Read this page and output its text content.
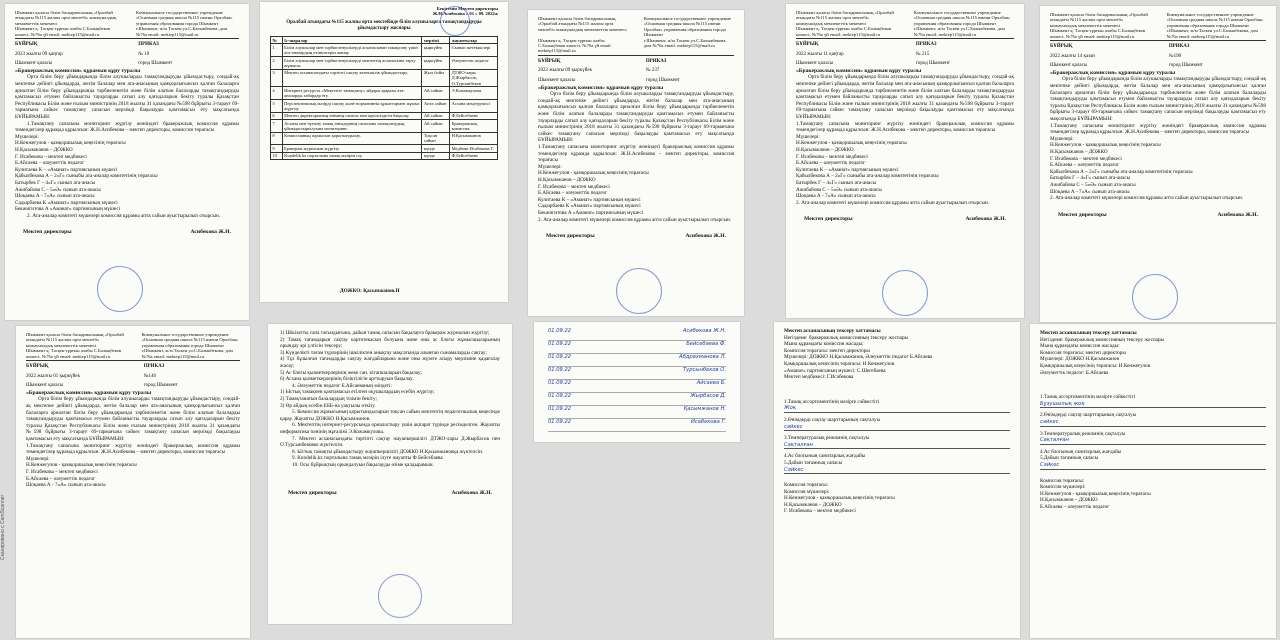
Шымкент қаласы білім басқармасының «Оралбай атындағы №115 жалпы орта мектебі» коммуналдық мемлекеттік мекемесі
Коммунальное государственное учреждение «Основная средняя школа №115 имени Оралбая» управления образования города Шымкент
Шымкент қ. Тасқен тұрғын алабы С.Балықбеков көшесі, №76а үй email: mektep115@mail.ru
г.Шымкент, ж/м Таскен ул.С.Балыкбекова, дом №76а email: mektep115@mail.ru
БҰЙРЫҚ	ПРИКАЗ
2023 жылғы 09 қаңтар	№ 10
Шымкент қаласы	город Шымкент

«Бракеражлық комиссия» құрамын құру туралы

Орта білім беру ұйымдарында білім алушыларды тамақтандыруды ұйымдастыру, сондай-ақ мектепке дейінгі ұйымдарда, жетім балалар мен ата-анасының қамқорлығынсыз қалған балаларға арналған білім беру ұйымдарында тәрбиеленетін және білім алатын балаларды тамақтандыруды қамтамасыз етумен байланысты тауарларды сатып алу қағидаларын бекіту туралы Қазақстан Республикасы Білім және ғылым министрінің 2018 жылғы 31 қазандағы №598 бұйрығы 3-тарауғ 69-тармағына сәйкес тамақтану сапасын мерзімді бақылауды қамтамасыз ету мақсатында БҰЙЫРАМЫН:

1.Тамақтану сапасына мониторинг жүргізу жөніндегі бракеражлық комиссия құрамы төмендегілер құрамда құрылсын: Ж.Н.Асибекова – мектеп директоры, комиссия төрағасы

Мүшелері:

Н.Кенжеғулов - қамқоршылық кеңесінің төрағасы

Н.Қасымжанов – ДОЖКО

Г. Исабекова – мектеп медбикесі

Б.Айсаева – әлеуметтік педагог

Кулитаева К – «Аманат» партиясының мүшесі

Қабылбекова А – 2«Г» сыныбы ата-аналар комитетінің төрағасы

Батырбек Г – 4«Г» сынып ата-анасы

Ажибайова С – 5«Ә» сынып ата-анасы

Шоқаева А - 7«А» сынып ата-анасы

Садырбаева К «Аманат» партиясының мүшесі

Бекжигитова А «Аманат» партиясының мүшесі

2. Ата-аналар комитеті мүшелері комиссия құрамы апта сайын ауыстырылып отырсын.

Мектеп директоры	Асибекова Ж.Н.

Бекітемін Мектеп директоры Ж.Н.Асибекова « 01 » 09. 2022ж

Оралбай атындағы №115 жалпы орта мектебінде білім алушыларға тамақтандыруды ұйымдастыру жоспары

№	Іс-шаралар	мерзімі	жауаптылар
1	Білім алушылар мен тәрбиеленушілерді асханасынан тамақтану үшін ата-аналардың өтініштерін жинау.	қыркүйек	Сынып жетекшілері
2	Білім алушылар мен тәрбиеленушілерді мектептің асханасына тарту жұмысы.	қыркүйек	Әлеуметтік педагог
3	Мектеп асханасындағы тәртіпті сақтау кезекшілік ұйымдастыру.	Жыл бойы	ДТЖО-лары Д.Жырбасов, О.Турсынбеков
4	Интернет ресурста «Мектепте тамақтану» айдары арқылы ата-аналарды хабардар ету.	Ай сайын	Э.Кожамкулова
5	Перспективалық мәзірді сақтау және нормативтік құжаттармен жұмыс жүргізу.	Апта сайын	Асхана меңгерушісі
6	Мектеп директорының өнімнің сапасы мен қауіпсіздігін бақылау.	Ай сайын	Ф.Бейсебаева
7	Асхана мен тұтыну тамақ өнімдерінің сапасына тамақтанудың ұйымдастырылуына мониторинг.	Ай сайын	Бракеражлық комиссия
8	Комиссияның жұмысын қорытындылау.	Тоқсан сайын	Н.Қасымжанов
9	Бракераж журналын жүргізу.	күнде	Медбике Исабекова Г.
10	Kundelik.kz порталына тамақ мәзірін ілу.	күнде	Ф.Бейсебаева

ДОЖКО: Қасымжанов.Н

Шымкент қаласы білім басқармасының «Оралбай атындағы №115 жалпы орта мектебі» коммуналдық мемлекеттік мекемесі
Коммунальное государственное учреждение «Основная средняя школа №115 имени Оралбая» управления образования города Шымкент
Шымкент қ. Тасқен тұрғын алабы С.Балықбеков көшесі, №76а үй email: mektep115@mail.ru
г.Шымкент, ж/м Таскен ул.С.Балыкбекова, дом №76а email: mektep115@mail.ru
БҰЙРЫҚ	ПРИКАЗ
2022 жылғы 09 қыркүйек	№ 237
Шымкент қаласы	город Шымкент

«Бракеражлық комиссия» құрамын құру туралы

Орта білім беру ұйымдарында білім алушыларды тамақтандыруды ұйымдастыру, сондай-ақ мектепке дейінгі ұйымдарда, жетім балалар мен ата-анасының қамқорлығынсыз қалған балаларға арналған білім беру ұйымдарында тәрбиеленетін және білім алатын балаларды тамақтандыруды қамтамасыз етумен байланысты тауарларды сатып алу қағидаларын бекіту туралы Қазақстан Республикасы Білім және ғылым министрінің 2018 жылғы 31 қазандағы №598 бұйрығы 3-тарауғ 69-тармағына сәйкес тамақтану сапасын мерзімді бақылауды қамтамасыз ету мақсатында БҰЙЫРАМЫН:

1.Тамақтану сапасына мониторинг жүргізу жөніндегі бракеражлық комиссия құрамы төмендегілер құрамда құрылсын: Ж.Н.Асибекова – мектеп директоры, комиссия төрағасы

Мүшелері:

Н.Кенжеғулов - қамқоршылық кеңесінің төрағасы

Н.Қасымжанов – ДОЖКО

Г. Исабекова – мектеп медбикесі

Б.Айсаева – әлеуметтік педагог

Кулитаева К – «Аманат» партиясының мүшесі

Садырбаева К «Аманат» партиясының мүшесі

Бекжигитова А «Аманат» партиясының мүшесі

2. Ата-аналар комитеті мүшелері комиссия құрамы апта сайын ауыстырылып отырсын.

Мектеп директоры	Асибекова Ж.Н.
Шымкент қаласы білім басқармасының «Оралбай атындағы №115 жалпы орта мектебі» коммуналдық мемлекеттік мекемесі
Коммунальное государственное учреждение «Основная средняя школа №115 имени Оралбая» управления образования города Шымкент
Шымкент қ. Тасқен тұрғын алабы С.Балықбеков көшесі, №76а үй email: mektep115@mail.ru
г.Шымкент, ж/м Таскен ул.С.Балыкбекова, дом №76а email: mektep115@mail.ru
БҰЙРЫҚ	ПРИКАЗ
2022 жылғы 11 қаңтар	№ 215
Шымкент қаласы	город Шымкент

«Бракеражлық комиссия» құрамын құру туралы

Орта білім беру ұйымдарында білім алушыларды тамақтандыруды ұйымдастыру, сондай-ақ мектепке дейінгі ұйымдарда, жетім балалар мен ата-анасының қамқорлығынсыз қалған балаларға арналған білім беру ұйымдарында тәрбиеленетін және білім алатын балаларды тамақтандыруды қамтамасыз етумен байланысты тауарларды сатып алу қағидаларын бекіту туралы Қазақстан Республикасы Білім және ғылым министрінің 2018 жылғы 31 қазандағы №598 бұйрығы 3-тарауғ 69-тармағына сәйкес тамақтану сапасын мерзімді бақылауды қамтамасыз ету мақсатында БҰЙЫРАМЫН:

1.Тамақтану сапасына мониторинг жүргізу жөніндегі бракеражлық комиссия құрамы төмендегілер құрамда құрылсын: Ж.Н.Асибекова – мектеп директоры, комиссия төрағасы

Мүшелері:

Н.Кенжеғулов - қамқоршылық кеңесінің төрағасы

Н.Қасымжанов – ДОЖКО

Г. Исабекова – мектеп медбикесі

Б.Айсаева – әлеуметтік педагог

Кулитаева К – «Аманат» партиясының мүшесі

Қабылбекова А – 2«Г» сыныбы ата-аналар комитетінің төрағасы

Батырбек Г – 4«Г» сынып ата-анасы

Ажибайова С – 5«Ә» сынып ата-анасы

Шоқаева А - 7«А» сынып ата-анасы

2. Ата-аналар комитеті мүшелері комиссия құрамы апта сайын ауыстырылып отырсын.

Мектеп директоры	Асибекова Ж.Н.
Шымкент қаласы білім басқармасының «Оралбай атындағы №115 жалпы орта мектебі» коммуналдық мемлекеттік мекемесі
Коммунальное государственное учреждение «Основная средняя школа №115 имени Оралбая» управления образования города Шымкент
Шымкент қ. Тасқен тұрғын алабы С.Балықбеков көшесі, №76а үй email: mektep115@mail.ru
г.Шымкент, ж/м Таскен ул.С.Балыкбекова, дом №76а email: mektep115@mail.ru
БҰЙРЫҚ	ПРИКАЗ
2022 жылғы 14 қазан	№190
Шымкент қаласы	город Шымкент

«Бракеражлық комиссия» құрамын құру туралы

Орта білім беру ұйымдарында білім алушыларды тамақтандыруды ұйымдастыру, сондай-ақ мектепке дейінгі ұйымдарда, жетім балалар мен ата-анасының қамқорлығынсыз қалған балаларға арналған білім беру ұйымдарында тәрбиеленетін және білім алатын балаларды тамақтандыруды қамтамасыз етумен байланысты тауарларды сатып алу қағидаларын бекіту туралы Қазақстан Республикасы Білім және ғылым министрінің 2018 жылғы 31 қазандағы №598 бұйрығы 3-тарауғ 69-тармағына сәйкес тамақтану сапасын мерзімді бақылауды қамтамасыз ету мақсатында БҰЙЫРАМЫН:

1.Тамақтану сапасына мониторинг жүргізу жөніндегі бракеражлық комиссия құрамы төмендегілер құрамда құрылсын: Ж.Н.Асибекова – мектеп директоры, комиссия төрағасы

Мүшелері:

Н.Кенжеғулов - қамқоршылық кеңесінің төрағасы

Н.Қасымжанов – ДОЖКО

Г. Исабекова – мектеп медбикесі

Б.Айсаева – әлеуметтік педагог

Қабылбекова А – 2«Г» сыныбы ата-аналар комитетінің төрағасы

Батырбек Г – 4«Г» сынып ата-анасы

Ажибайова С – 5«Ә» сынып ата-анасы

Шоқаева А - 7«А» сынып ата-анасы

2. Ата-аналар комитеті мүшелері комиссия құрамы апта сайын ауыстырылып отырсын.

Мектеп директоры	Асибекова Ж.Н.
Шымкент қаласы білім басқармасының «Оралбай атындағы №115 жалпы орта мектебі» коммуналдық мемлекеттік мекемесі
Коммунальное государственное учреждение «Основная средняя школа №115 имени Оралбая» управления образования города Шымкент
Шымкент қ. Тасқен тұрғын алабы С.Балықбеков көшесі, №76а үй email: mektep115@mail.ru
г.Шымкент, ж/м Таскен ул.С.Балыкбекова, дом №76а email: mektep115@mail.ru
БҰЙРЫҚ	ПРИКАЗ
2022 жылғы 01 қыркүйек	№146
Шымкент қаласы	город Шымкент

«Бракеражлық комиссия» құрамын құру туралы

Орта білім беру ұйымдарында білім алушыларды тамақтандыруды ұйымдастыру, сондай-ақ мектепке дейінгі ұйымдарда, жетім балалар мен ата-анасының қамқорлығынсыз қалған балаларға арналған білім беру ұйымдарында тәрбиеленетін және білім алатын балаларды тамақтандыруды қамтамасыз етумен байланысты тауарларды сатып алу қағидаларын бекіту туралы Қазақстан Республикасы Білім және ғылым министрінің 2018 жылғы 31 қазандағы №598 бұйрығы 3-тарауғ 69-тармағына сәйкес тамақтану сапасын мерзімді бақылауды қамтамасыз ету мақсатында БҰЙЫРАМЫН:

1.Тамақтану сапасына мониторинг жүргізу жөніндегі бракеражлық комиссия құрамы төмендегілер құрамда құрылсын: Ж.Н.Асибекова – мектеп директоры, комиссия төрағасы

Мүшелері:

Н.Кенжеғулов - қамқоршылық кеңесінің төрағасы

Г. Исабекова – мектеп медбикесі

Б.Айсаева – әлеуметтік педагог

Шоқаева А - 7«А» сынып ата-анасы

1) Шікізатты сапа тағыздығына, дайын тамақ сапасын бақылауға бракераж журналын жүргізу;

2) Тамақ тағамдарын сақтау картотекасын болуына және оны ас блогы жұмысшыларының орындау әрі үлгісін тексеру;

3) Күнделікті тағам түрлерінің ішкіліктен анықтау мақсатында алынған сынамаларды сақтау;

4) Тұз бұзылған тағамдарды сақтау жағдайларына және оны жүзеге асыру мерзіміне қадағалау жасау;

5) Ас блогы қызметкерлерінің жеке сан. кітапшаларын бақылау;

6) Асхана қызметкерлерінің біліктілігін арттыруын бақылау.

4. Әлеуметтік педагог Б.Айсаеваның міндеті:

1) Ыстық тамақпен қамтамасыз етілген оқушылардың есебін жүргізу;

2) Тамақтанатын балалардың тізімін бекіту;

3) Өр айдың есебін ЕББ-на уақтылы өткізу.

5. Комиссия жұмысының қорытындыларын тоқсан сайын мектептің педагогикалық кеңесінде қарау. Жауапты ДОЖКО Н.Қасымжанов.

6. Мектептің интернет-ресурсында орналастыру үшін ақпарат түрінде ресімделген. Жауапты информатика пәнінің мұғалімі Э.Кожамкулова.

7. Мектеп асханасындағы тәртіпті сақтау жауапкершілігі ДТЖО-лары Д.Жырбасов пен О.Турсынбековке жүктелсін.

8. Ыстық тамақты ұйымдастыру жауапкершілігі ДОЖКО Н.Қасымжановқа жүктелсін.

9. Kundelik.kz порталына тамақ мәзірін ілуге жауапты Ф.Бейсебаева

10. Осы бұйрықтың орындалуын бақылауды өзіме қалдырамын.

Мектеп директоры	Асибекова Ж.Н.
01.09.22	Асибекова Ж.Н.
01.09.22	Бейсебаева Ф.
01.09.22	Абдрахманова Л.
01.09.22	Турсынбеков О.
01.09.22	Айсаева Б.
01.09.22	Жырбасов Д.
01.09.22	Қасымжанов Н.
01.09.22	Исабекова Г.

Мектеп асханасының тексеру хаттамасы

Негіздеме: бракеражлық комиссияның тексеру жоспары

Мына құрамдағы комиссия жасады:

Комиссия төрағасы: мектеп директоры

Мүшелері: ДОЖКО Н.Қасымжанов, Әлеуметтік педагог Б.Айсаева

Қамқоршылық кеңесінің төрағасы: Н.Кенжеғулов

«Аманат» партиясының мүшесі: С.Шегебаева

Мектеп медбикесі: Г.Исабекова

1.Тамақ ассортиментінің мәзірге сәйкестігі

Жоқ

2.Өнімдерді сақтау шарттарының сақталуы

сәйкес

3.Температуралық режимнің сақталуы

Сақталған

4.Ас блогының санитарлық жағдайы

5.Дайын тағамның сапасы

Сәйкес

Комиссия төрағасы:

Комиссия мүшелері:

Н.Кенжеғулов - қамқоршылық кеңесінің төрағасы

Н.Қасымжанов – ДОЖКО

Г. Исабекова – мектеп медбикесі

Мектеп асханасының тексеру хаттамасы

Негіздеме: бракеражлық комиссияның тексеру жоспары

Мына құрамдағы комиссия жасады:

Комиссия төрағасы: мектеп директоры

Мүшелері: ДОЖКО Н.Қасымжанов

Қамқоршылық кеңесінің төрағасы: Н.Кенжеғулов

Әлеуметтік педагог: Б.Айсаева

1.Тамақ ассортиментінің мәзірге сәйкестігі

Бұзушылық жоқ

2.Өнімдерді сақтау шарттарының сақталуы

сәйкес

3.Температуралық режимнің сақталуы

Сақталған

4.Ас блогының санитарлық жағдайы

5.Дайын тағамның сапасы

Сәйкес

Комиссия төрағасы:

Комиссия мүшелері:

Н.Кенжеғулов - қамқоршылық кеңесінің төрағасы

Н.Қасымжанов – ДОЖКО

Б.Айсаева – әлеуметтік педагог

Сканировано с CamScanner
